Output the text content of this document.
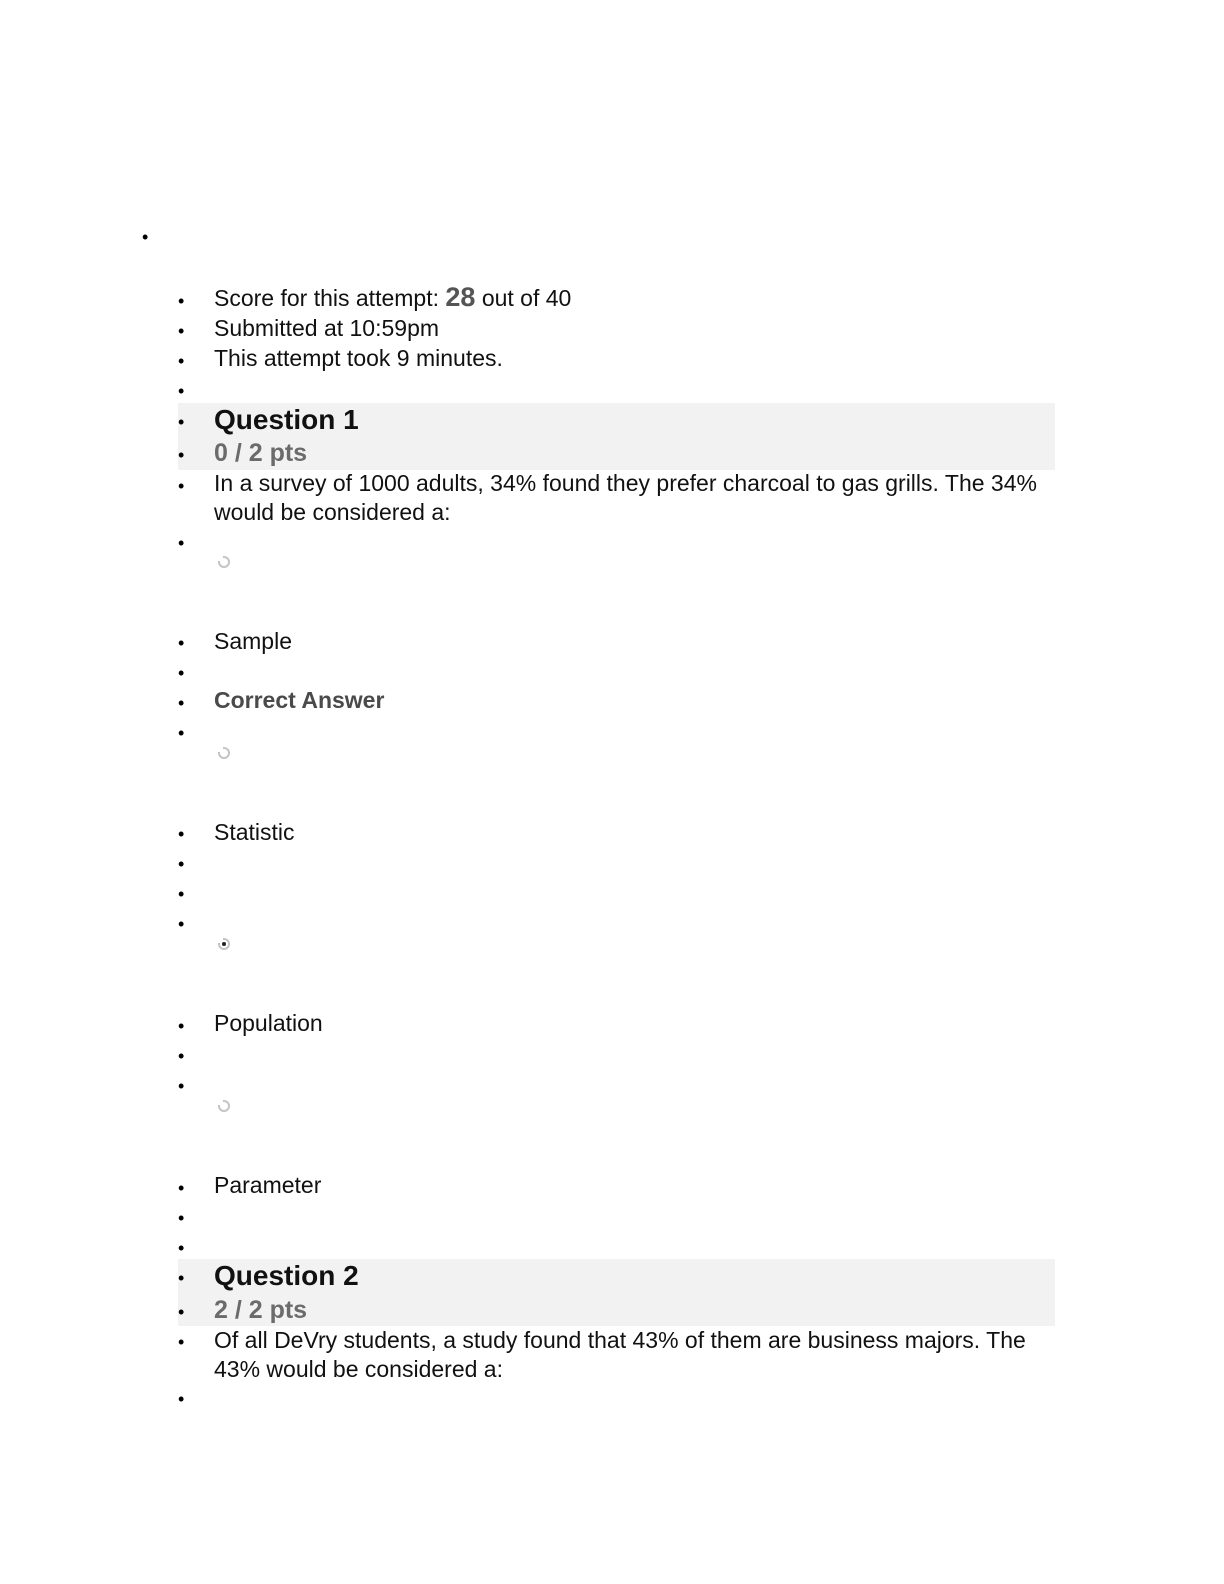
•
• Score for this attempt: 28 out of 40
• Submitted at 10:59pm
• This attempt took 9 minutes.
•
• Question 1
• 0 / 2 pts
• In a survey of 1000 adults, 34% found they prefer charcoal to gas grills. The 34% would be considered a:
•
• Sample
•
• Correct Answer
•
• Statistic
•
•
•
• Population
•
•
• Parameter
•
•
• Question 2
• 2 / 2 pts
• Of all DeVry students, a study found that 43% of them are business majors. The 43% would be considered a:
•
